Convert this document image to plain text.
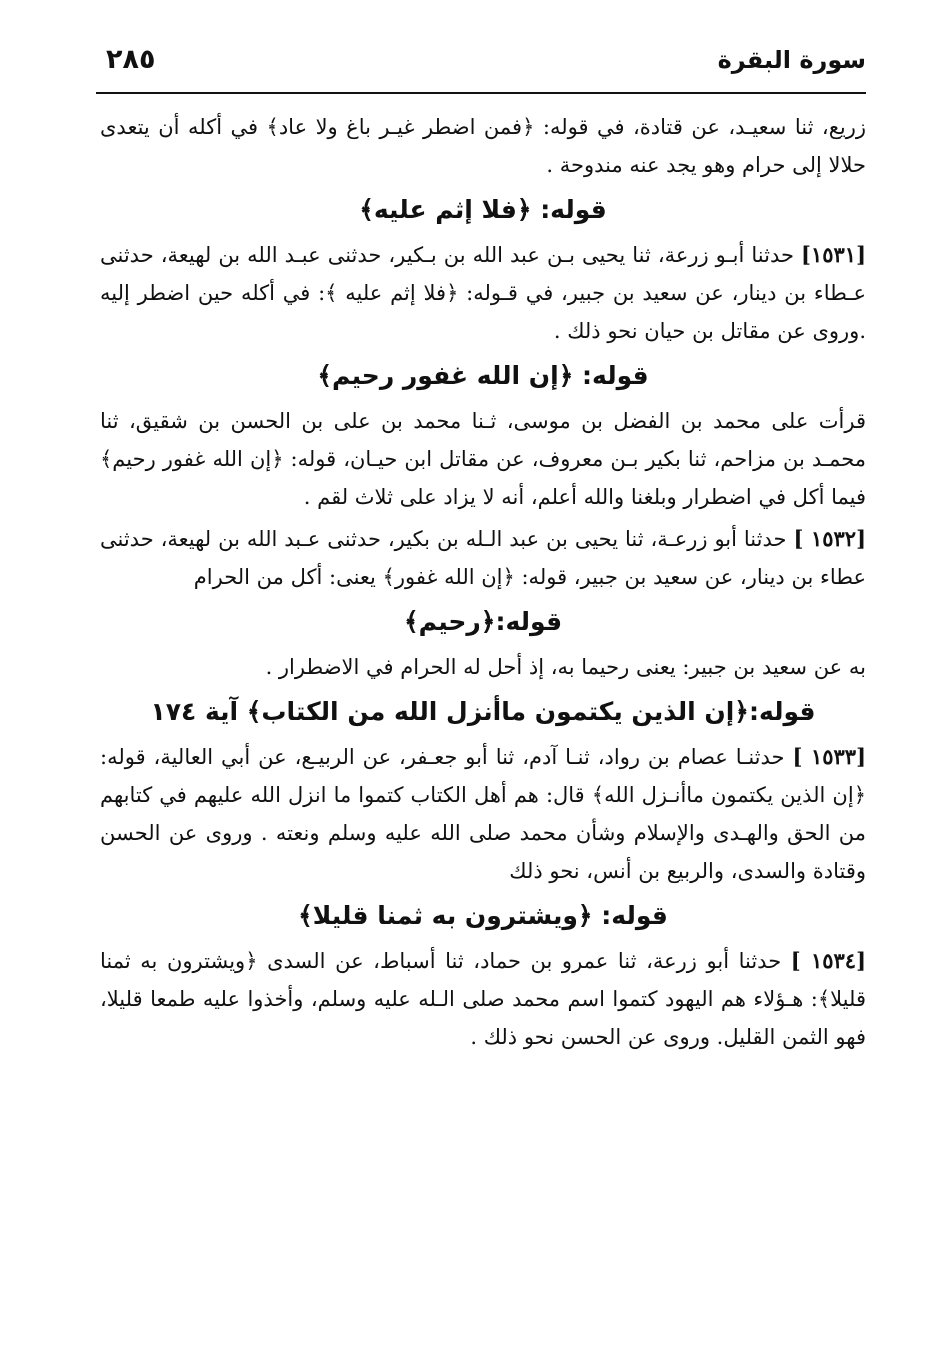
٢٨٥	سورة البقرة

زريع، ثنا سعيـد، عن قتادة، في قوله: ﴿فمن اضطر غيـر باغ ولا عاد﴾ في أكله أن يتعدى حلالا إلى حرام وهو يجد عنه مندوحة .

قوله: ﴿فلا إثم عليه﴾

[١٥٣١] حدثنا أبـو زرعة، ثنا يحيى بـن عبد الله بن بـكير، حدثنى عبـد الله بن لهيعة، حدثنى عـطاء بن دينار، عن سعيد بن جبير، في قـوله: ﴿فلا إثم عليه ﴾: في أكله حين اضطر إليه .وروى عن مقاتل بن حيان نحو ذلك .

قوله: ﴿إن الله غفور رحيم﴾

قرأت على محمد بن الفضل بن موسى، ثـنا محمد بن على بن الحسن بن شقيق، ثنا محمـد بن مزاحم، ثنا بكير بـن معروف، عن مقاتل ابن حيـان، قوله: ﴿إن الله غفور رحيم﴾ فيما أكل في اضطرار وبلغنا والله أعلم، أنه لا يزاد على ثلاث لقم .

[١٥٣٢ ] حدثنا أبو زرعـة، ثنا يحيى بن عبد الـله بن بكير، حدثنى عـبد الله بن لهيعة، حدثنى عطاء بن دينار، عن سعيد بن جبير، قوله: ﴿إن الله غفور﴾ يعنى: أكل من الحرام

قوله:﴿رحيم﴾

به عن سعيد بن جبير: يعنى رحيما به، إذ أحل له الحرام في الاضطرار .

قوله:﴿إن الذين يكتمون ماأنزل الله من الكتاب﴾ آية ١٧٤

[١٥٣٣ ] حدثنـا عصام بن رواد، ثنـا آدم، ثنا أبو جعـفر، عن الربيـع، عن أبي العالية، قوله: ﴿إن الذين يكتمون ماأنـزل الله﴾ قال: هم أهل الكتاب كتموا ما انزل الله عليهم في كتابهم من الحق والهـدى والإسلام وشأن محمد صلى الله عليه وسلم ونعته . وروى عن الحسن وقتادة والسدى، والربيع بن أنس، نحو ذلك

قوله: ﴿ويشترون به ثمنا قليلا﴾

[١٥٣٤ ] حدثنا أبو زرعة، ثنا عمرو بن حماد، ثنا أسباط، عن السدى ﴿ويشترون به ثمنا قليلا﴾: هـؤلاء هم اليهود كتموا اسم محمد صلى الـله عليه وسلم، وأخذوا عليه طمعا قليلا، فهو الثمن القليل. وروى عن الحسن نحو ذلك .
